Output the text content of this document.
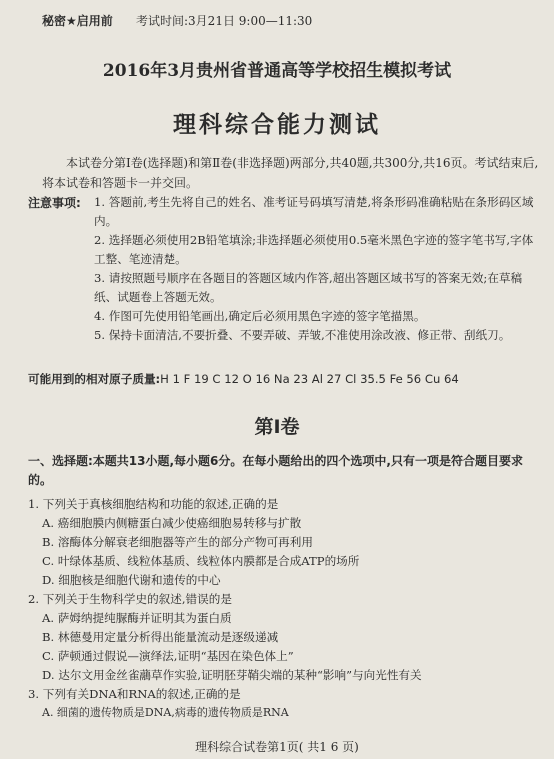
秘密★启用前 考试时间:3月21日 9:00—11:30
2016年3月贵州省普通高等学校招生模拟考试
理科综合能力测试
本试卷分第Ⅰ卷(选择题)和第Ⅱ卷(非选择题)两部分,共40题,共300分,共16页。考试结束后,将本试卷和答题卡一并交回。
注意事项: 1. 答题前,考生先将自己的姓名、准考证号码填写清楚,将条形码准确粘贴在条形码区域内。
2. 选择题必须使用2B铅笔填涂;非选择题必须使用0.5毫米黑色字迹的签字笔书写,字体工整、笔迹清楚。
3. 请按照题号顺序在各题目的答题区域内作答,超出答题区域书写的答案无效;在草稿纸、试题卷上答题无效。
4. 作图可先使用铅笔画出,确定后必须用黑色字迹的签字笔描黑。
5. 保持卡面清洁,不要折叠、不要弄破、弄皱,不准使用涂改液、修正带、刮纸刀。
可能用到的相对原子质量:H 1 F 19 C 12 O 16 Na 23 Al 27 Cl 35.5 Fe 56 Cu 64
第Ⅰ卷
一、选择题:本题共13小题,每小题6分。在每小题给出的四个选项中,只有一项是符合题目要求的。
1. 下列关于真核细胞结构和功能的叙述,正确的是
A. 癌细胞膜内侧糖蛋白减少使癌细胞易转移与扩散
B. 溶酶体分解衰老细胞器等产生的部分产物可再利用
C. 叶绿体基质、线粒体基质、线粒体内膜都是合成ATP的场所
D. 细胞核是细胞代谢和遗传的中心
2. 下列关于生物科学史的叙述,错误的是
A. 萨姆纳提纯脲酶并证明其为蛋白质
B. 林德曼用定量分析得出能量流动是逐级递减
C. 萨顿通过假说—演绎法,证明“基因在染色体上”
D. 达尔文用金丝雀虉草作实验,证明胚芽鞘尖端的某种“影响”与向光性有关
3. 下列有关DNA和RNA的叙述,正确的是
A. 细菌的遗传物质是DNA,病毒的遗传物质是RNA
理科综合试卷第1页( 共1 6 页)
